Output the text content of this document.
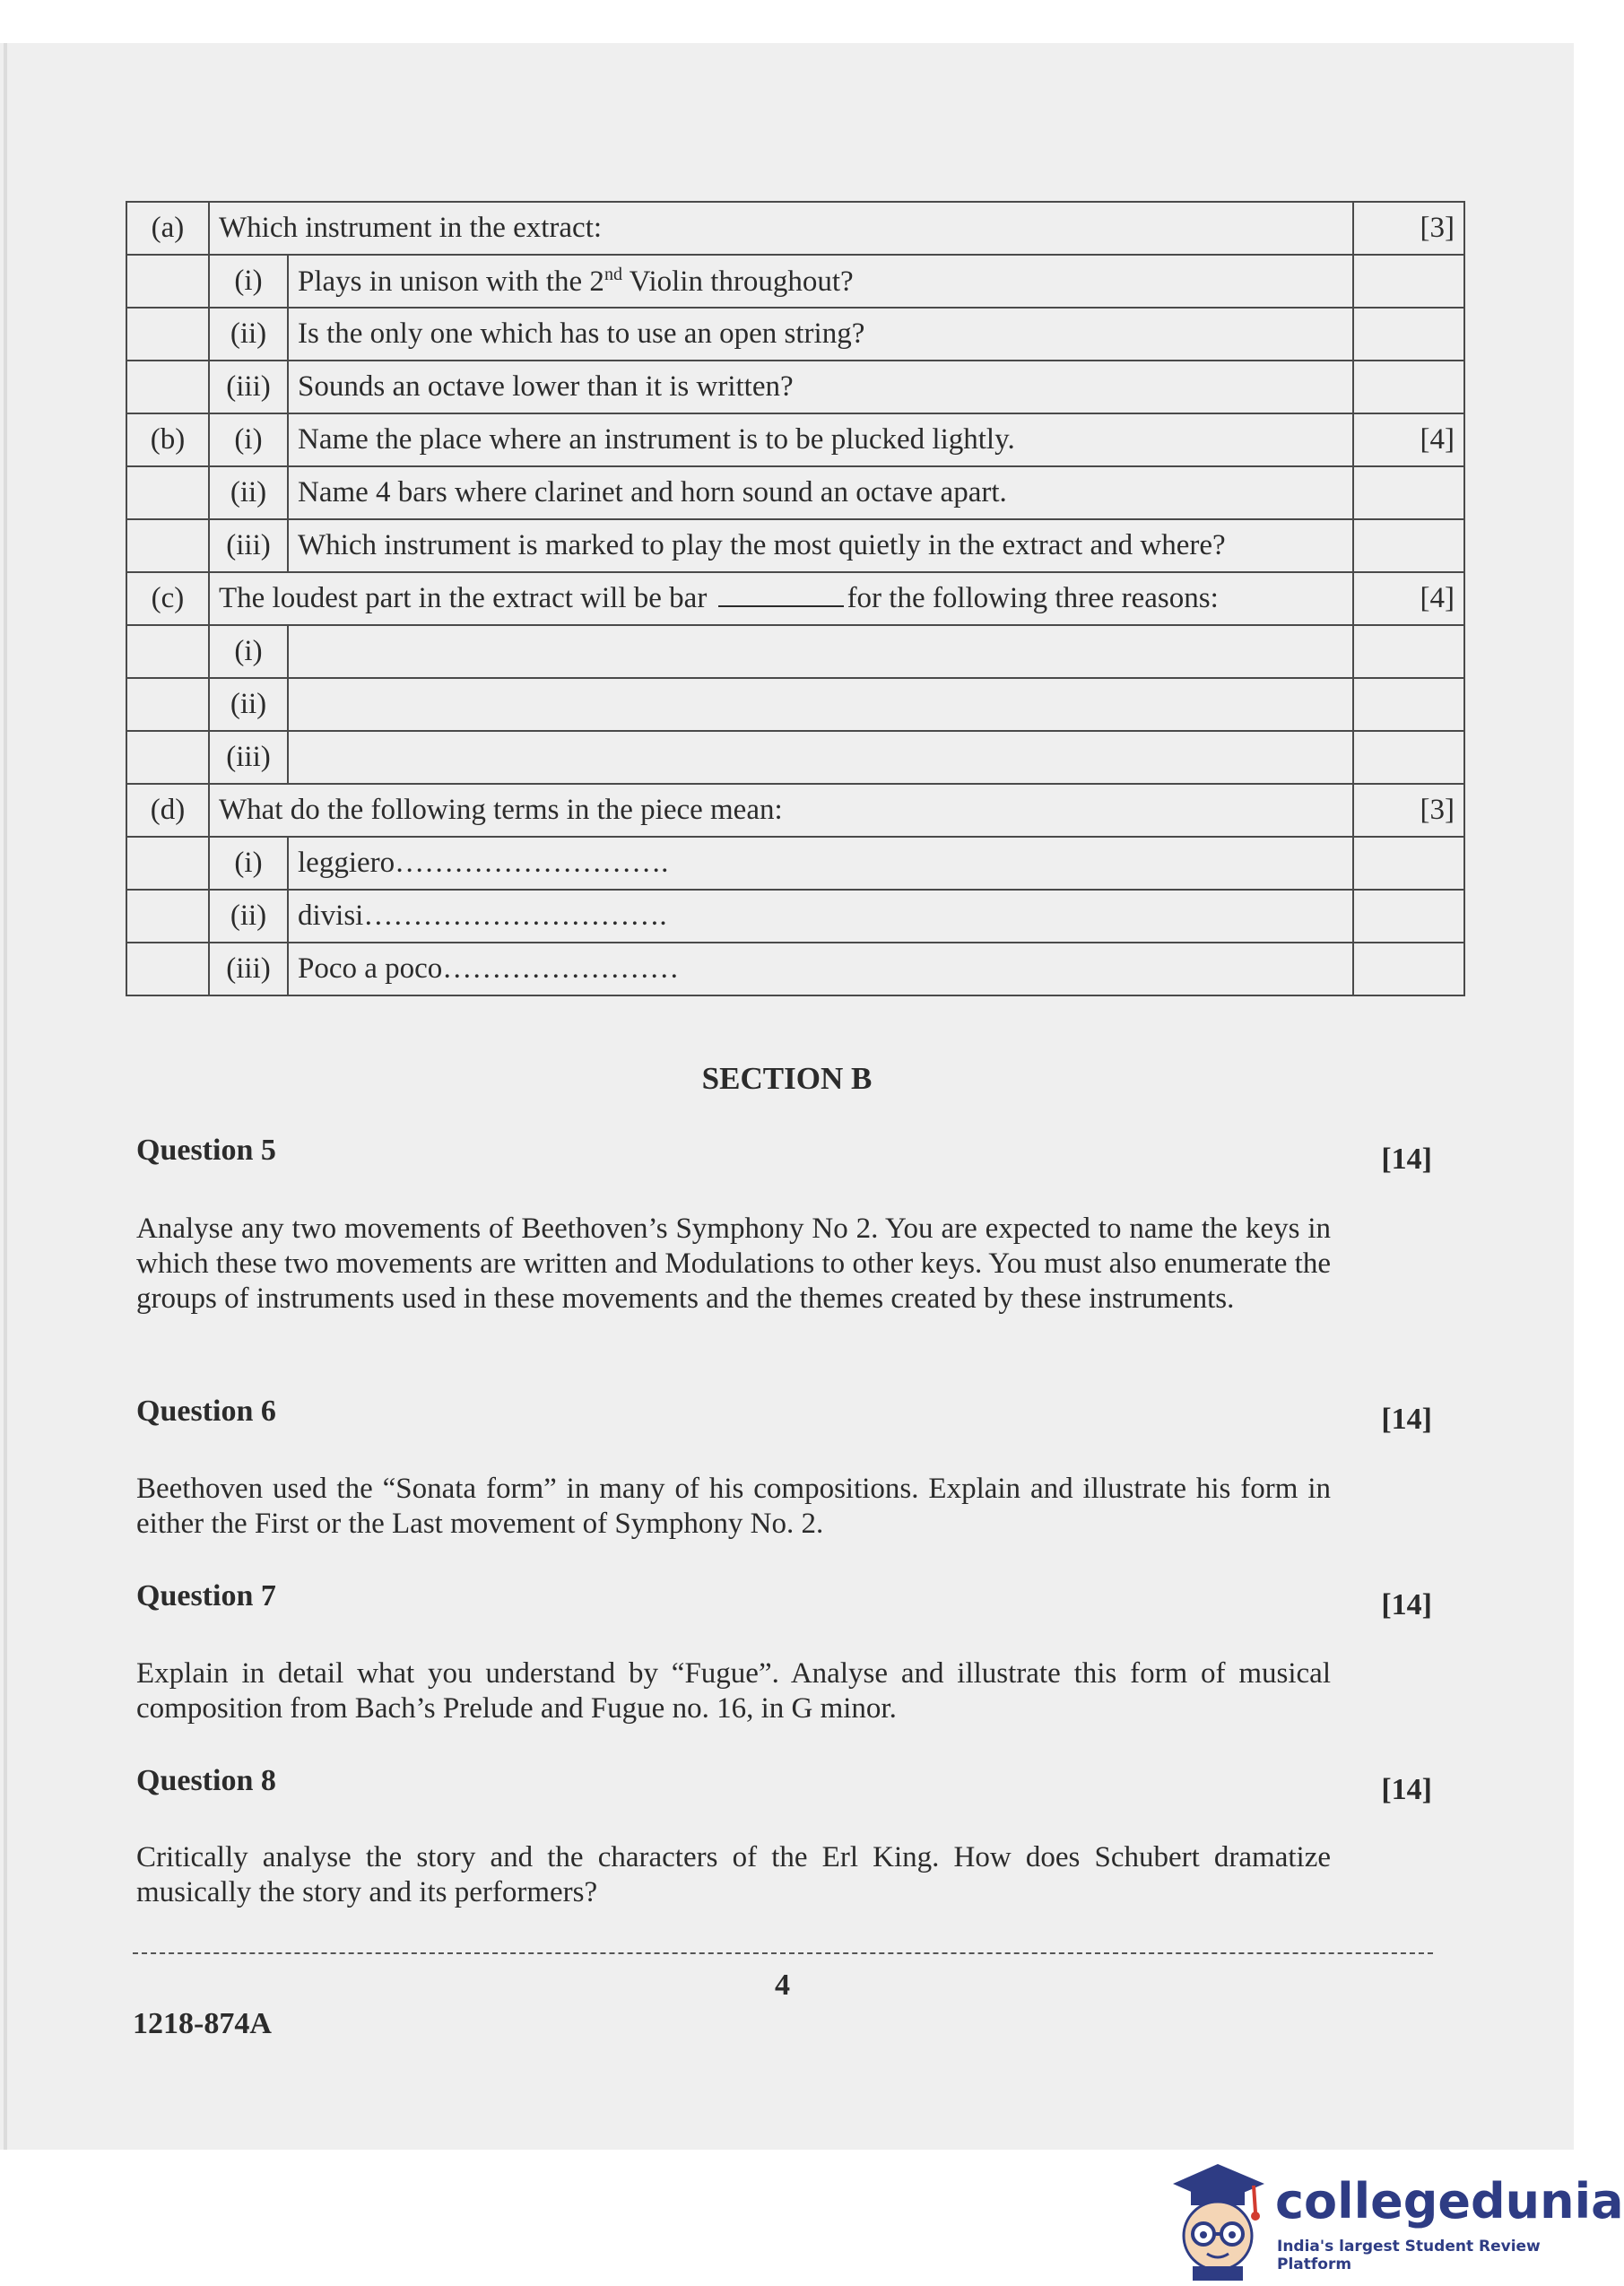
(a)	Which instrument in the extract:		[3]
	(i)	Plays in unison with the 2nd Violin throughout?	
	(ii)	Is the only one which has to use an open string?	
	(iii)	Sounds an octave lower than it is written?	
(b)	(i)	Name the place where an instrument is to be plucked lightly.	[4]
	(ii)	Name 4 bars where clarinet and horn sound an octave apart.	
	(iii)	Which instrument is marked to play the most quietly in the extract and where?	
(c)	The loudest part in the extract will be bar for the following three reasons:		[4]
	(i)		
	(ii)		
	(iii)		
(d)	What do the following terms in the piece mean:		[3]
	(i)	leggiero……………………….	
	(ii)	divisi………………………….	
	(iii)	Poco a poco……………………	
SECTION B
Question 5	[14]
Analyse any two movements of Beethoven’s Symphony No 2. You are expected to name the keys in which these two movements are written and Modulations to other keys. You must also enumerate the groups of instruments used in these movements and the themes created by these instruments.
Question 6	[14]
Beethoven used the “Sonata form” in many of his compositions. Explain and illustrate his form in either the First or the Last movement of Symphony No. 2.
Question 7	[14]
Explain in detail what you understand by “Fugue”. Analyse and illustrate this form of musical composition from Bach’s Prelude and Fugue no. 16, in G minor.
Question 8	[14]
Critically analyse the story and the characters of the Erl King. How does Schubert dramatize musically the story and its performers?
4
1218-874A
collegedunia
India's largest Student Review Platform
